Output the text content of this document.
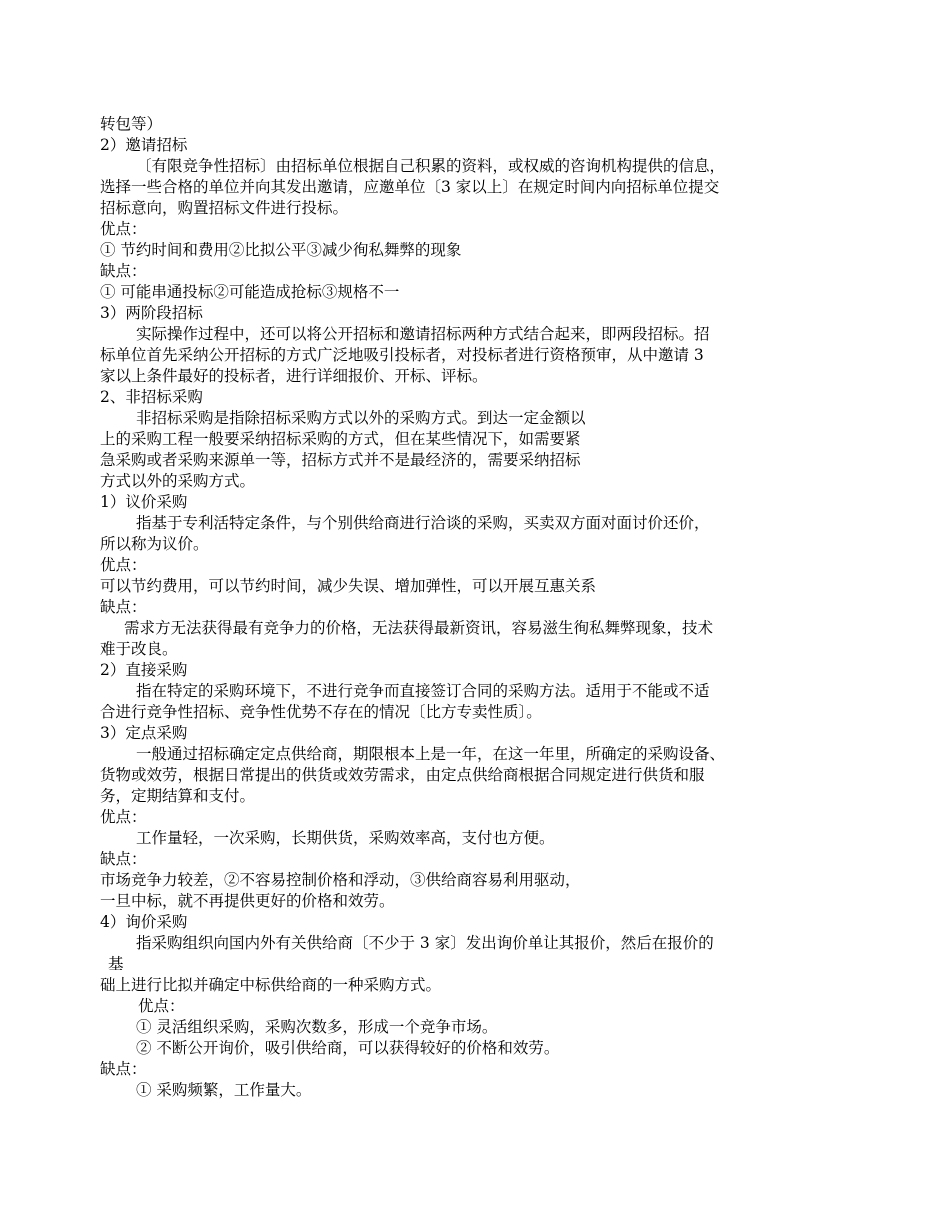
转包等）

2）邀请招标

〔有限竞争性招标〕由招标单位根据自己积累的资料，或权威的咨询机构提供的信息，

选择一些合格的单位并向其发出邀请，应邀单位〔3 家以上〕在规定时间内向招标单位提交

招标意向，购置招标文件进行投标。

优点：

① 节约时间和费用②比拟公平③减少徇私舞弊的现象

缺点：

① 可能串通投标②可能造成抢标③规格不一

3）两阶段招标

实际操作过程中，还可以将公开招标和邀请招标两种方式结合起来，即两段招标。招

标单位首先采纳公开招标的方式广泛地吸引投标者，对投标者进行资格预审，从中邀请 3

家以上条件最好的投标者，进行详细报价、开标、评标。

2、非招标采购

非招标采购是指除招标采购方式以外的采购方式。到达一定金额以

上的采购工程一般要采纳招标采购的方式，但在某些情况下，如需要紧

急采购或者采购来源单一等，招标方式并不是最经济的，需要采纳招标

方式以外的采购方式。

1）议价采购

指基于专利活特定条件，与个别供给商进行洽谈的采购，买卖双方面对面讨价还价，

所以称为议价。

优点：

可以节约费用，可以节约时间，减少失误、增加弹性，可以开展互惠关系

缺点：

需求方无法获得最有竞争力的价格，无法获得最新资讯，容易滋生徇私舞弊现象，技术

难于改良。

2）直接采购

指在特定的采购环境下，不进行竞争而直接签订合同的采购方法。适用于不能或不适

合进行竞争性招标、竞争性优势不存在的情况〔比方专卖性质〕。

3）定点采购

一般通过招标确定定点供给商，期限根本上是一年，在这一年里，所确定的采购设备、

货物或效劳，根据日常提出的供货或效劳需求，由定点供给商根据合同规定进行供货和服

务，定期结算和支付。

优点：

工作量轻，一次采购，长期供货，采购效率高，支付也方便。

缺点：

市场竞争力较差，②不容易控制价格和浮动，③供给商容易利用驱动，

一旦中标，就不再提供更好的价格和效劳。

4）询价采购

指采购组织向国内外有关供给商〔不少于 3 家〕发出询价单让其报价，然后在报价的

基

础上进行比拟并确定中标供给商的一种采购方式。

优点：

① 灵活组织采购，采购次数多，形成一个竞争市场。

② 不断公开询价，吸引供给商，可以获得较好的价格和效劳。

缺点：

① 采购频繁，工作量大。
